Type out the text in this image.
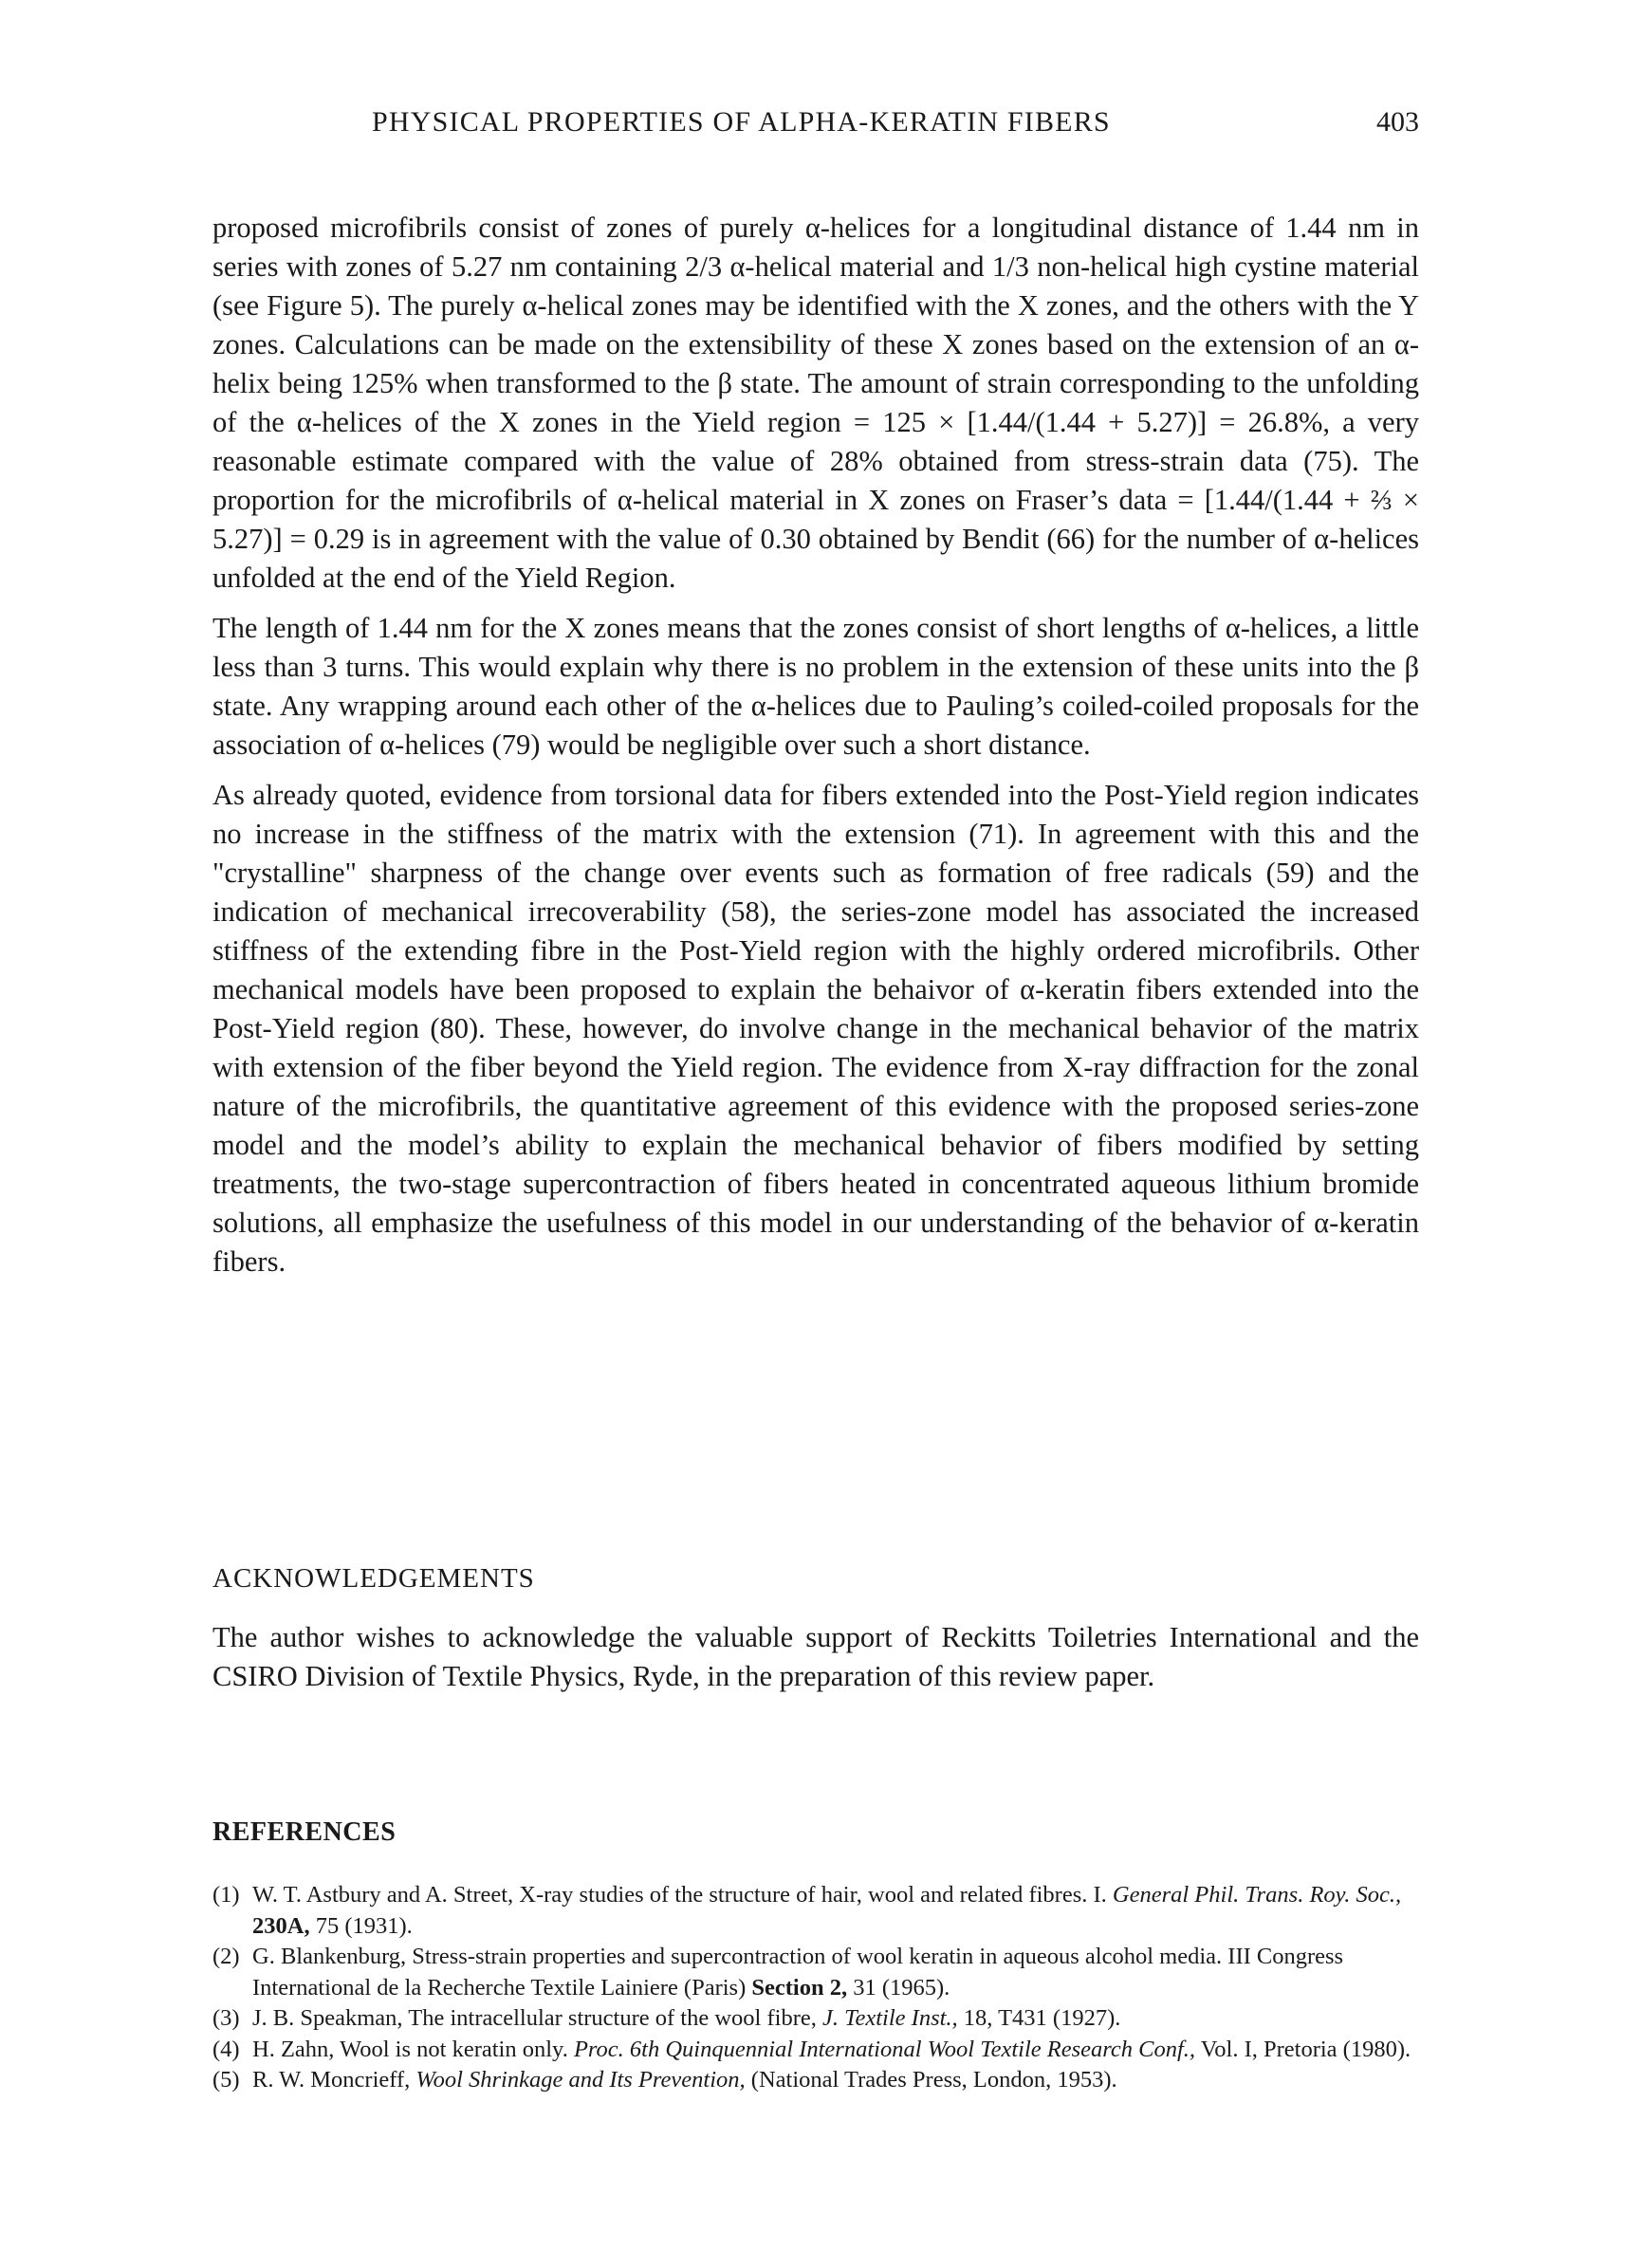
PHYSICAL PROPERTIES OF ALPHA-KERATIN FIBERS	403

proposed microfibrils consist of zones of purely α-helices for a longitudinal distance of 1.44 nm in series with zones of 5.27 nm containing 2/3 α-helical material and 1/3 non-helical high cystine material (see Figure 5). The purely α-helical zones may be identified with the X zones, and the others with the Y zones. Calculations can be made on the extensibility of these X zones based on the extension of an α-helix being 125% when transformed to the β state. The amount of strain corresponding to the unfolding of the α-helices of the X zones in the Yield region = 125 × [1.44/(1.44 + 5.27)] = 26.8%, a very reasonable estimate compared with the value of 28% obtained from stress-strain data (75). The proportion for the microfibrils of α-helical material in X zones on Fraser’s data = [1.44/(1.44 + ⅔ × 5.27)] = 0.29 is in agreement with the value of 0.30 obtained by Bendit (66) for the number of α-helices unfolded at the end of the Yield Region.

The length of 1.44 nm for the X zones means that the zones consist of short lengths of α-helices, a little less than 3 turns. This would explain why there is no problem in the extension of these units into the β state. Any wrapping around each other of the α-helices due to Pauling’s coiled-coiled proposals for the association of α-helices (79) would be negligible over such a short distance.

As already quoted, evidence from torsional data for fibers extended into the Post-Yield region indicates no increase in the stiffness of the matrix with the extension (71). In agreement with this and the "crystalline" sharpness of the change over events such as formation of free radicals (59) and the indication of mechanical irrecoverability (58), the series-zone model has associated the increased stiffness of the extending fibre in the Post-Yield region with the highly ordered microfibrils. Other mechanical models have been proposed to explain the behaivor of α-keratin fibers extended into the Post-Yield region (80). These, however, do involve change in the mechanical behavior of the matrix with extension of the fiber beyond the Yield region. The evidence from X-ray diffraction for the zonal nature of the microfibrils, the quantitative agreement of this evidence with the proposed series-zone model and the model’s ability to explain the mechanical behavior of fibers modified by setting treatments, the two-stage supercontraction of fibers heated in concentrated aqueous lithium bromide solutions, all emphasize the usefulness of this model in our understanding of the behavior of α-keratin fibers.

ACKNOWLEDGEMENTS

The author wishes to acknowledge the valuable support of Reckitts Toiletries International and the CSIRO Division of Textile Physics, Ryde, in the preparation of this review paper.

REFERENCES
(1) W. T. Astbury and A. Street, X-ray studies of the structure of hair, wool and related fibres. I. General Phil. Trans. Roy. Soc., 230A, 75 (1931).
(2) G. Blankenburg, Stress-strain properties and supercontraction of wool keratin in aqueous alcohol media. III Congress International de la Recherche Textile Lainiere (Paris) Section 2, 31 (1965).
(3) J. B. Speakman, The intracellular structure of the wool fibre, J. Textile Inst., 18, T431 (1927).
(4) H. Zahn, Wool is not keratin only. Proc. 6th Quinquennial International Wool Textile Research Conf., Vol. I, Pretoria (1980).
(5) R. W. Moncrieff, Wool Shrinkage and Its Prevention, (National Trades Press, London, 1953).
